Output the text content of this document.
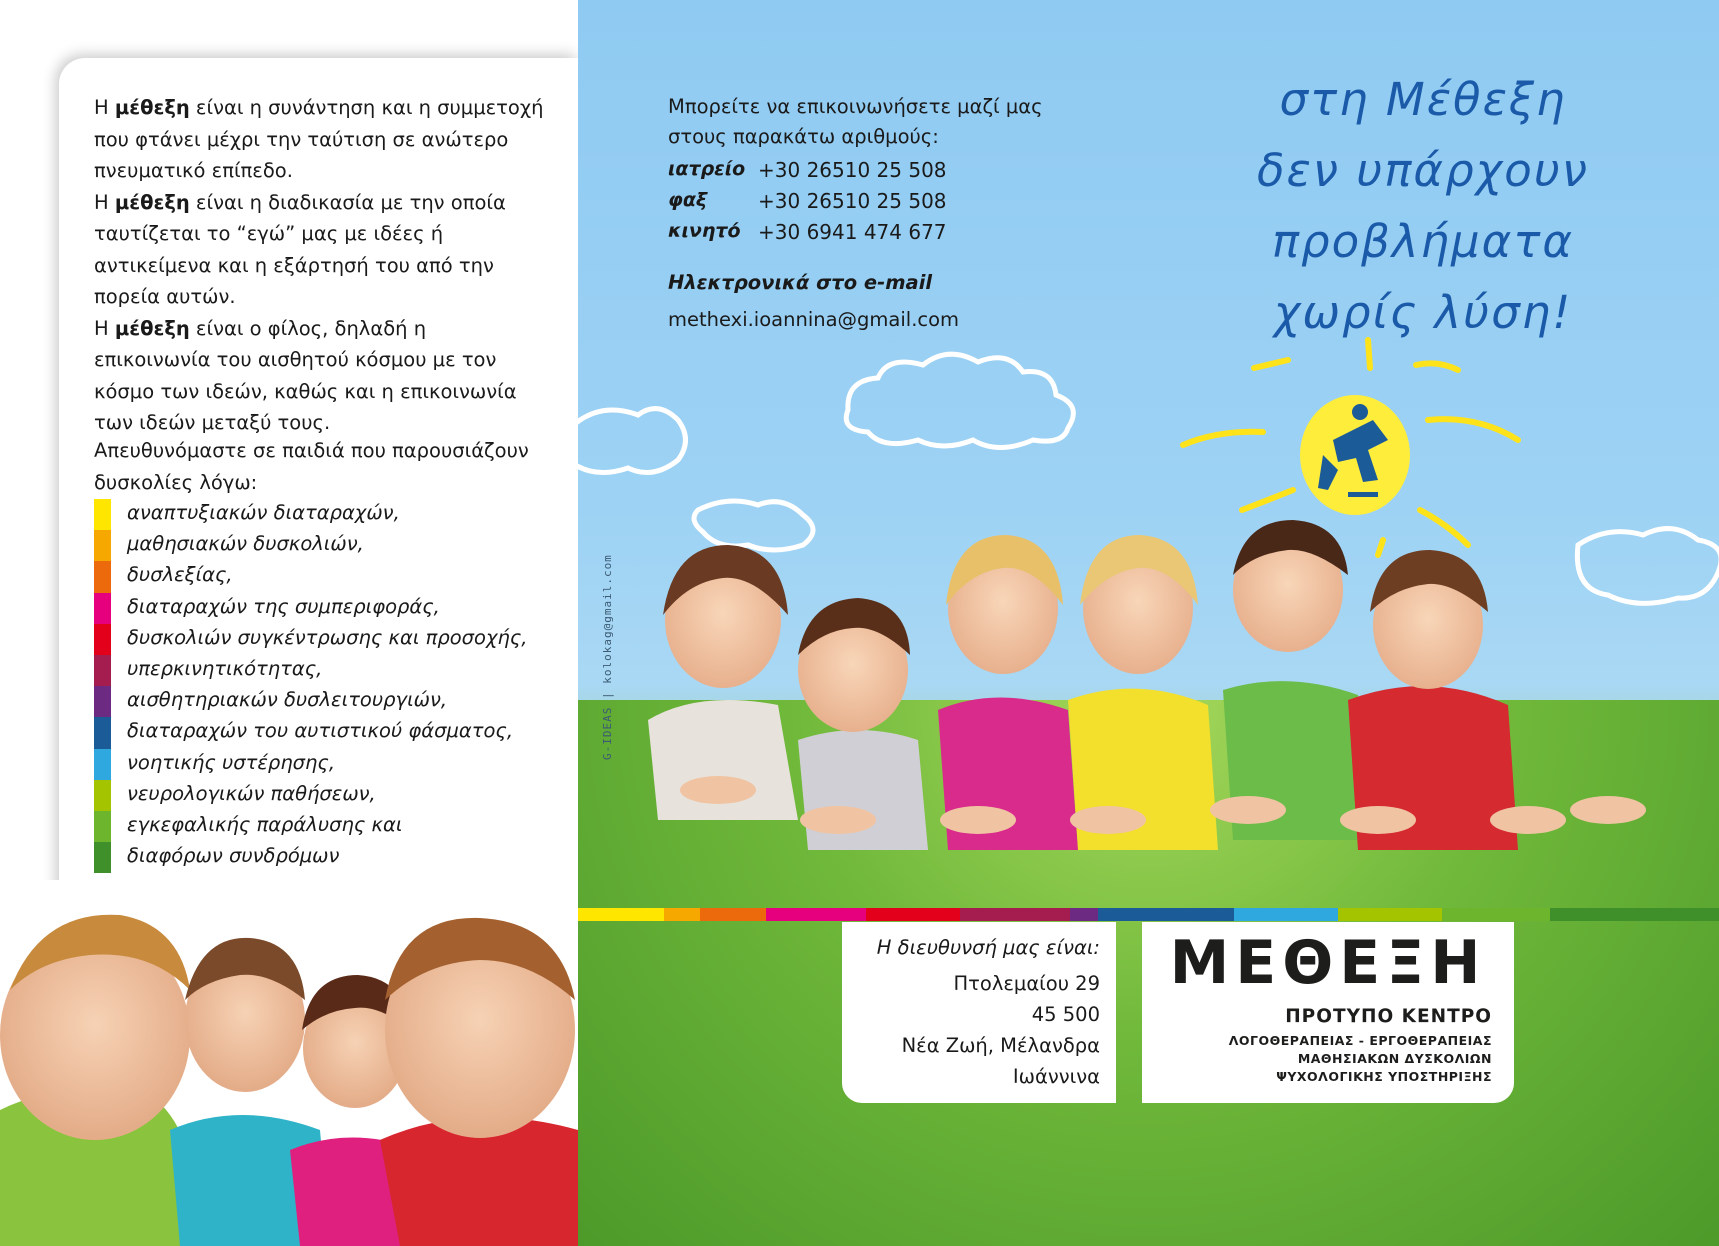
Η μέθεξη είναι η συνάντηση και η συμμετοχή που φτάνει μέχρι την ταύτιση σε ανώτερο πνευματικό επίπεδο.

Η μέθεξη είναι η διαδικασία με την οποία ταυτίζεται το “εγώ” μας με ιδέες ή αντικείμενα και η εξάρτησή του από την πορεία αυτών.

Η μέθεξη είναι ο φίλος, δηλαδή η επικοινωνία του αισθητού κόσμου με τον κόσμο των ιδεών, καθώς και η επικοινωνία των ιδεών μεταξύ τους.

Απευθυνόμαστε σε παιδιά που παρουσιάζουν δυσκολίες λόγω:
αναπτυξιακών διαταραχών,
μαθησιακών δυσκολιών,
δυσλεξίας,
διαταραχών της συμπεριφοράς,
δυσκολιών συγκέντρωσης και προσοχής,
υπερκινητικότητας,
αισθητηριακών δυσλειτουργιών,
διαταραχών του αυτιστικού φάσματος,
νοητικής υστέρησης,
νευρολογικών παθήσεων,
εγκεφαλικής παράλυσης και
διαφόρων συνδρόμων
G-IDEAS | kolokag@gmail.com
Μπορείτε να επικοινωνήσετε μαζί μας στους παρακάτω αριθμούς:
ιατρείο +30 26510 25 508
φαξ	+30 26510 25 508
κινητό +30 6941 474 677
Ηλεκτρονικά στο e-mail
methexi.ioannina@gmail.com
στη Μέθεξη
δεν υπάρχουν
προβλήματα
χωρίς λύση!
Η διευθυνσή μας είναι:
Πτολεμαίου 29
45 500
Νέα Ζωή, Μέλανδρα
Ιωάννινα
ΜΕΘΕΞΗ
ΠΡΟΤΥΠΟ ΚΕΝΤΡΟ
ΛΟΓΟΘΕΡΑΠΕΙΑΣ - ΕΡΓΟΘΕΡΑΠΕΙΑΣ
ΜΑΘΗΣΙΑΚΩΝ ΔΥΣΚΟΛΙΩΝ
ΨΥΧΟΛΟΓΙΚΗΣ ΥΠΟΣΤΗΡΙΞΗΣ
